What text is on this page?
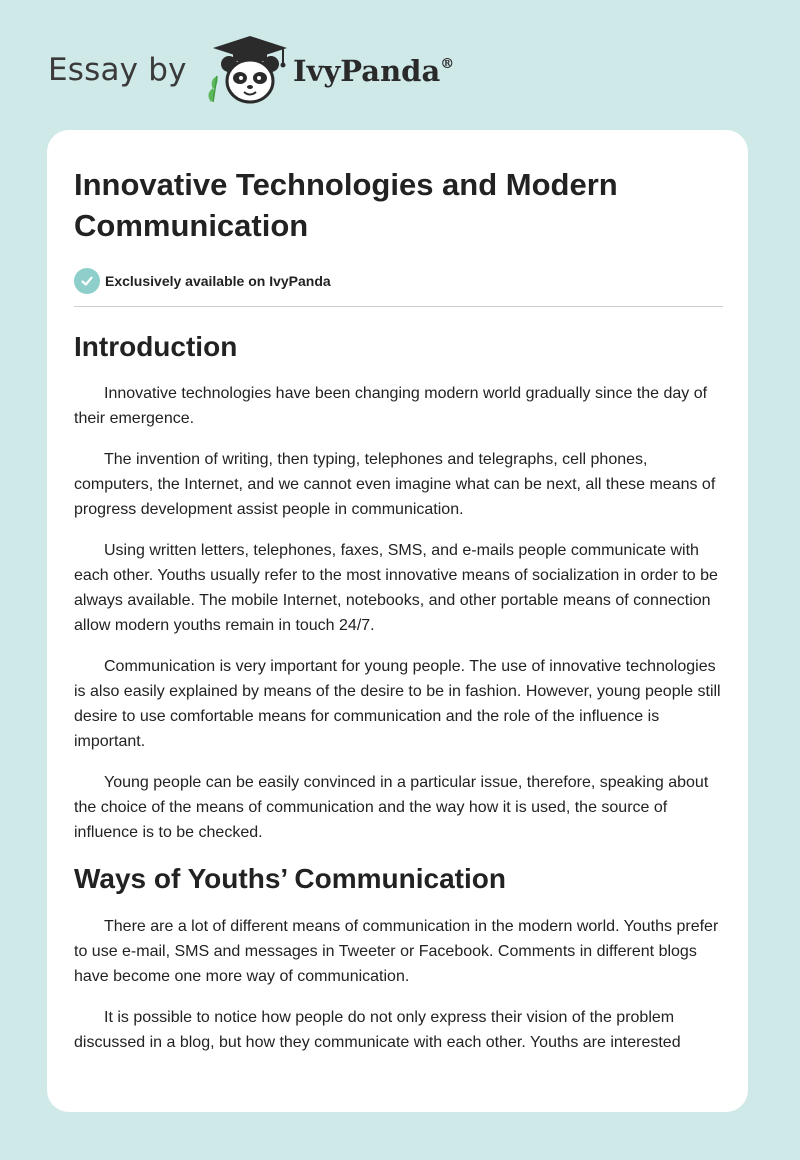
Essay by	IvyPanda®
Innovative Technologies and Modern Communication
Exclusively available on IvyPanda
Introduction

Innovative technologies have been changing modern world gradually since the day of their emergence.

The invention of writing, then typing, telephones and telegraphs, cell phones, computers, the Internet, and we cannot even imagine what can be next, all these means of progress development assist people in communication.

Using written letters, telephones, faxes, SMS, and e-mails people communicate with each other. Youths usually refer to the most innovative means of socialization in order to be always available. The mobile Internet, notebooks, and other portable means of connection allow modern youths remain in touch 24/7.

Communication is very important for young people. The use of innovative technologies is also easily explained by means of the desire to be in fashion. However, young people still desire to use comfortable means for communication and the role of the influence is important.

Young people can be easily convinced in a particular issue, therefore, speaking about the choice of the means of communication and the way how it is used, the source of influence is to be checked.

Ways of Youths’ Communication

There are a lot of different means of communication in the modern world. Youths prefer to use e-mail, SMS and messages in Tweeter or Facebook. Comments in different blogs have become one more way of communication.

It is possible to notice how people do not only express their vision of the problem discussed in a blog, but how they communicate with each other. Youths are interested
